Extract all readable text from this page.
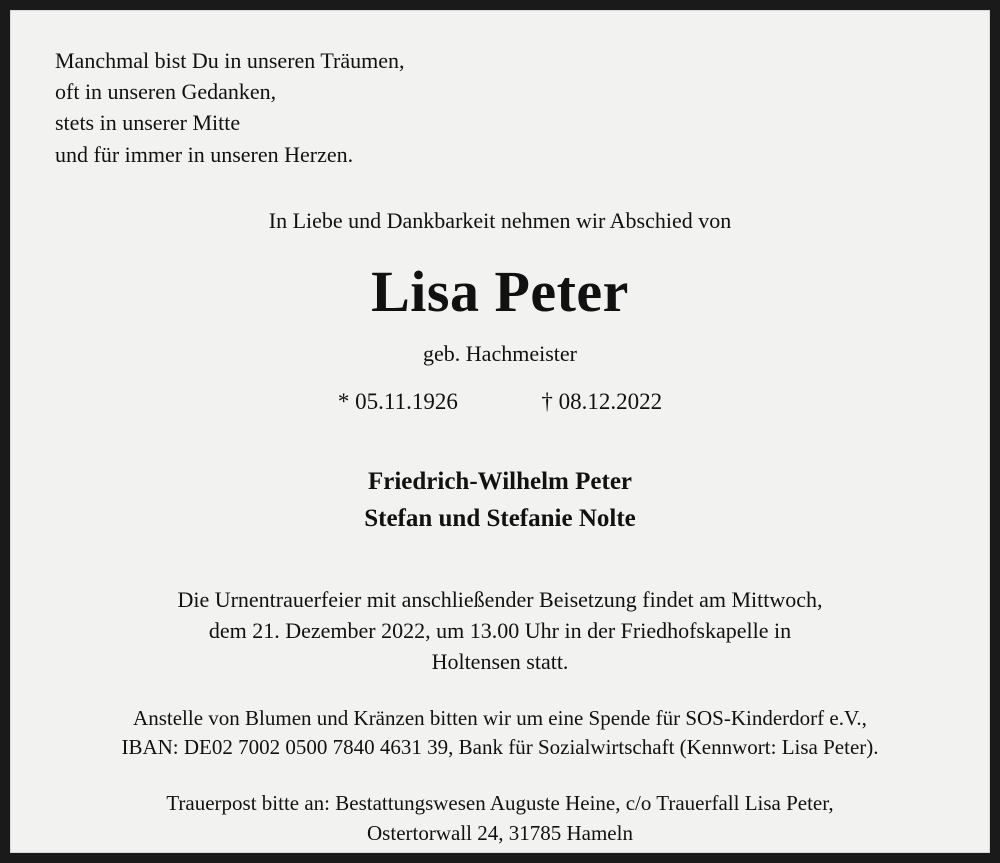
Manchmal bist Du in unseren Träumen,
oft in unseren Gedanken,
stets in unserer Mitte
und für immer in unseren Herzen.
In Liebe und Dankbarkeit nehmen wir Abschied von
Lisa Peter
geb. Hachmeister
* 05.11.1926	† 08.12.2022
Friedrich-Wilhelm Peter
Stefan und Stefanie Nolte
Die Urnentrauerfeier mit anschließender Beisetzung findet am Mittwoch,
dem 21. Dezember 2022, um 13.00 Uhr in der Friedhofskapelle in
Holtensen statt.
Anstelle von Blumen und Kränzen bitten wir um eine Spende für SOS-Kinderdorf e.V.,
IBAN: DE02 7002 0500 7840 4631 39, Bank für Sozialwirtschaft (Kennwort: Lisa Peter).
Trauerpost bitte an: Bestattungswesen Auguste Heine, c/o Trauerfall Lisa Peter,
Ostertorwall 24, 31785 Hameln
